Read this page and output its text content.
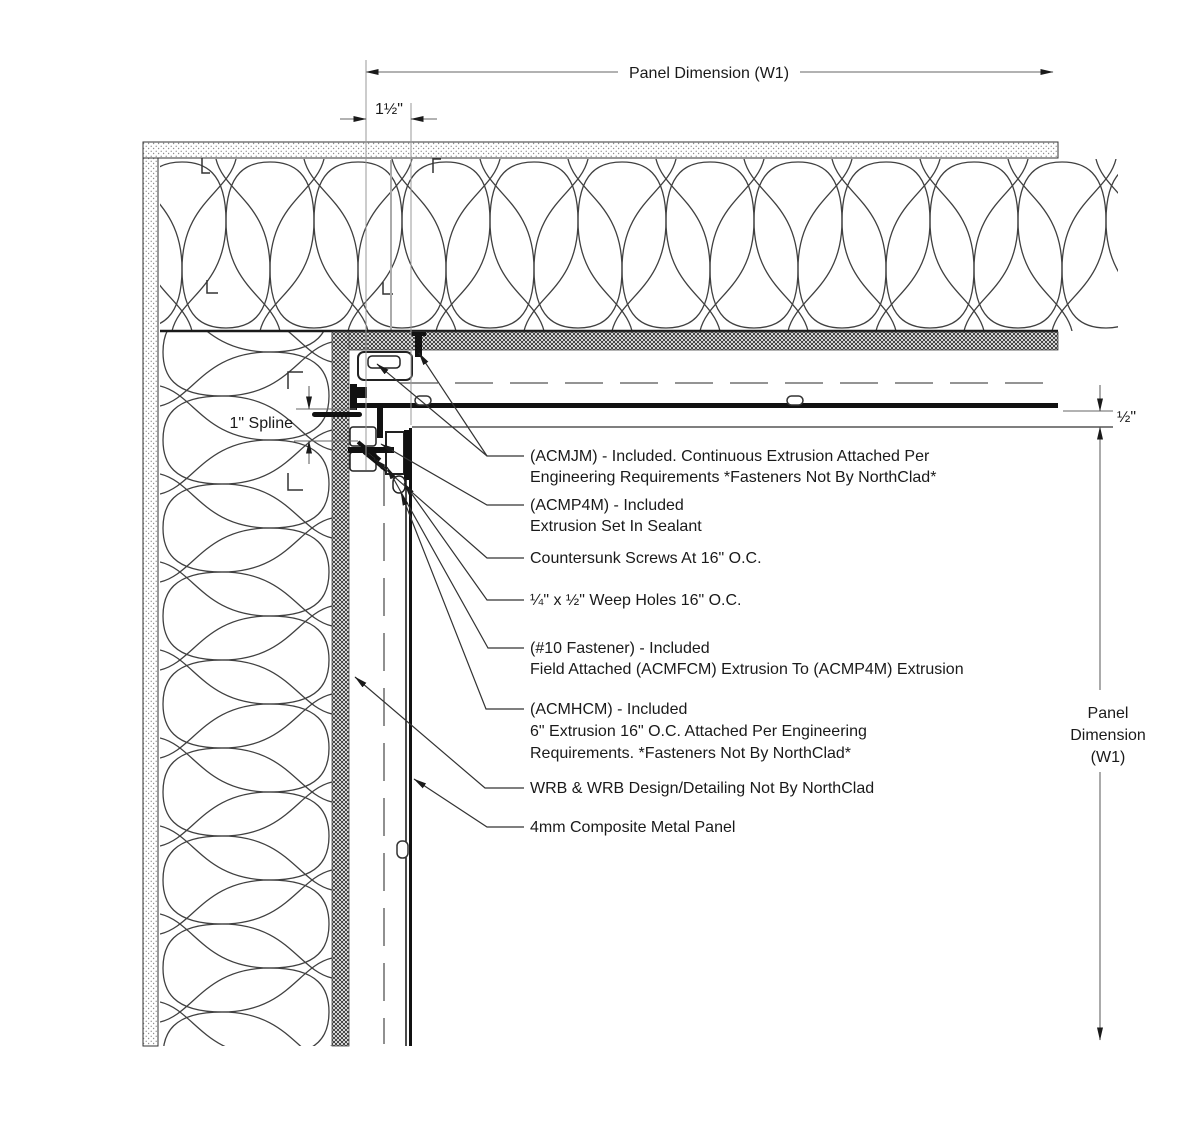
Panel Dimension (W1)
1½"
½"
Panel
Dimension
(W1)
1" Spline
(ACMJM) - Included. Continuous Extrusion Attached Per
Engineering Requirements *Fasteners Not By NorthClad*
(ACMP4M) - Included
Extrusion Set In Sealant
Countersunk Screws At 16" O.C.
¼" x ½" Weep Holes 16" O.C.
(#10 Fastener) - Included
Field Attached (ACMFCM) Extrusion To (ACMP4M) Extrusion
(ACMHCM) - Included
6" Extrusion 16" O.C. Attached Per Engineering
Requirements. *Fasteners Not By NorthClad*
WRB & WRB Design/Detailing Not By NorthClad
4mm Composite Metal Panel
